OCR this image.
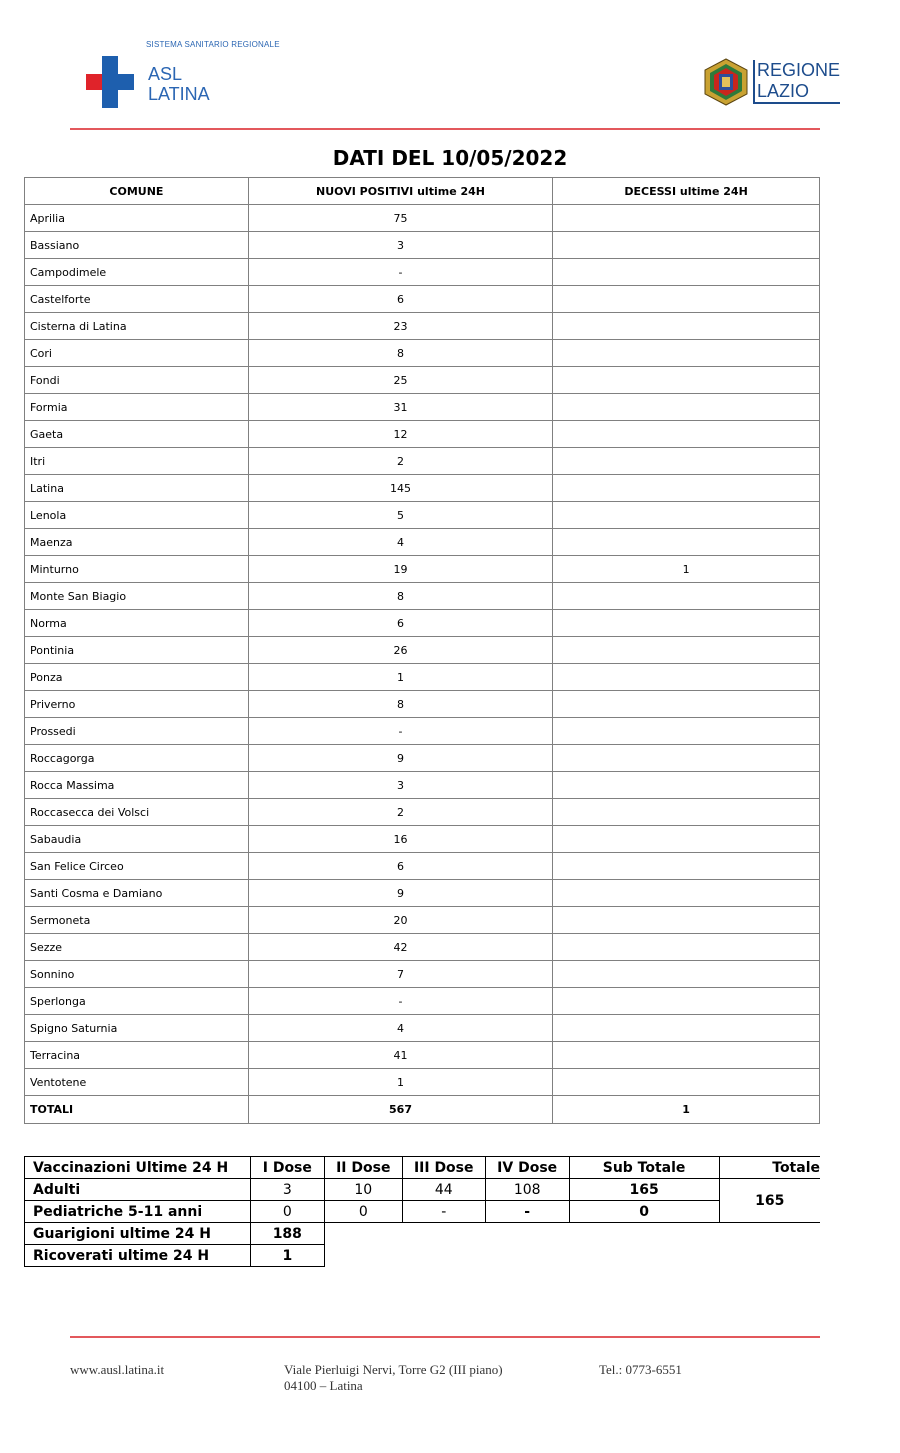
SISTEMA SANITARIO REGIONALE
ASL
LATINA
REGIONE
LAZIO
DATI DEL 10/05/2022
COMUNE	NUOVI POSITIVI ultime 24H	DECESSI ultime 24H
Aprilia	75	
Bassiano	3	
Campodimele	-	
Castelforte	6	
Cisterna di Latina	23	
Cori	8	
Fondi	25	
Formia	31	
Gaeta	12	
Itri	2	
Latina	145	
Lenola	5	
Maenza	4	
Minturno	19	1
Monte San Biagio	8	
Norma	6	
Pontinia	26	
Ponza	1	
Priverno	8	
Prossedi	-	
Roccagorga	9	
Rocca Massima	3	
Roccasecca dei Volsci	2	
Sabaudia	16	
San Felice Circeo	6	
Santi Cosma e Damiano	9	
Sermoneta	20	
Sezze	42	
Sonnino	7	
Sperlonga	-	
Spigno Saturnia	4	
Terracina	41	
Ventotene	1	
TOTALI	567	1
Vaccinazioni Ultime 24 H	I Dose	II Dose	III Dose	IV Dose	Sub Totale	Totale
Adulti	3	10	44	108	165	165
Pediatriche 5-11 anni	0	0	-	-	0	
Guarigioni ultime 24 H	188					
Ricoverati ultime 24 H	1					
www.ausl.latina.it	Viale Pierluigi Nervi, Torre G2 (III piano)
04100 – Latina
Tel.: 0773-6551
